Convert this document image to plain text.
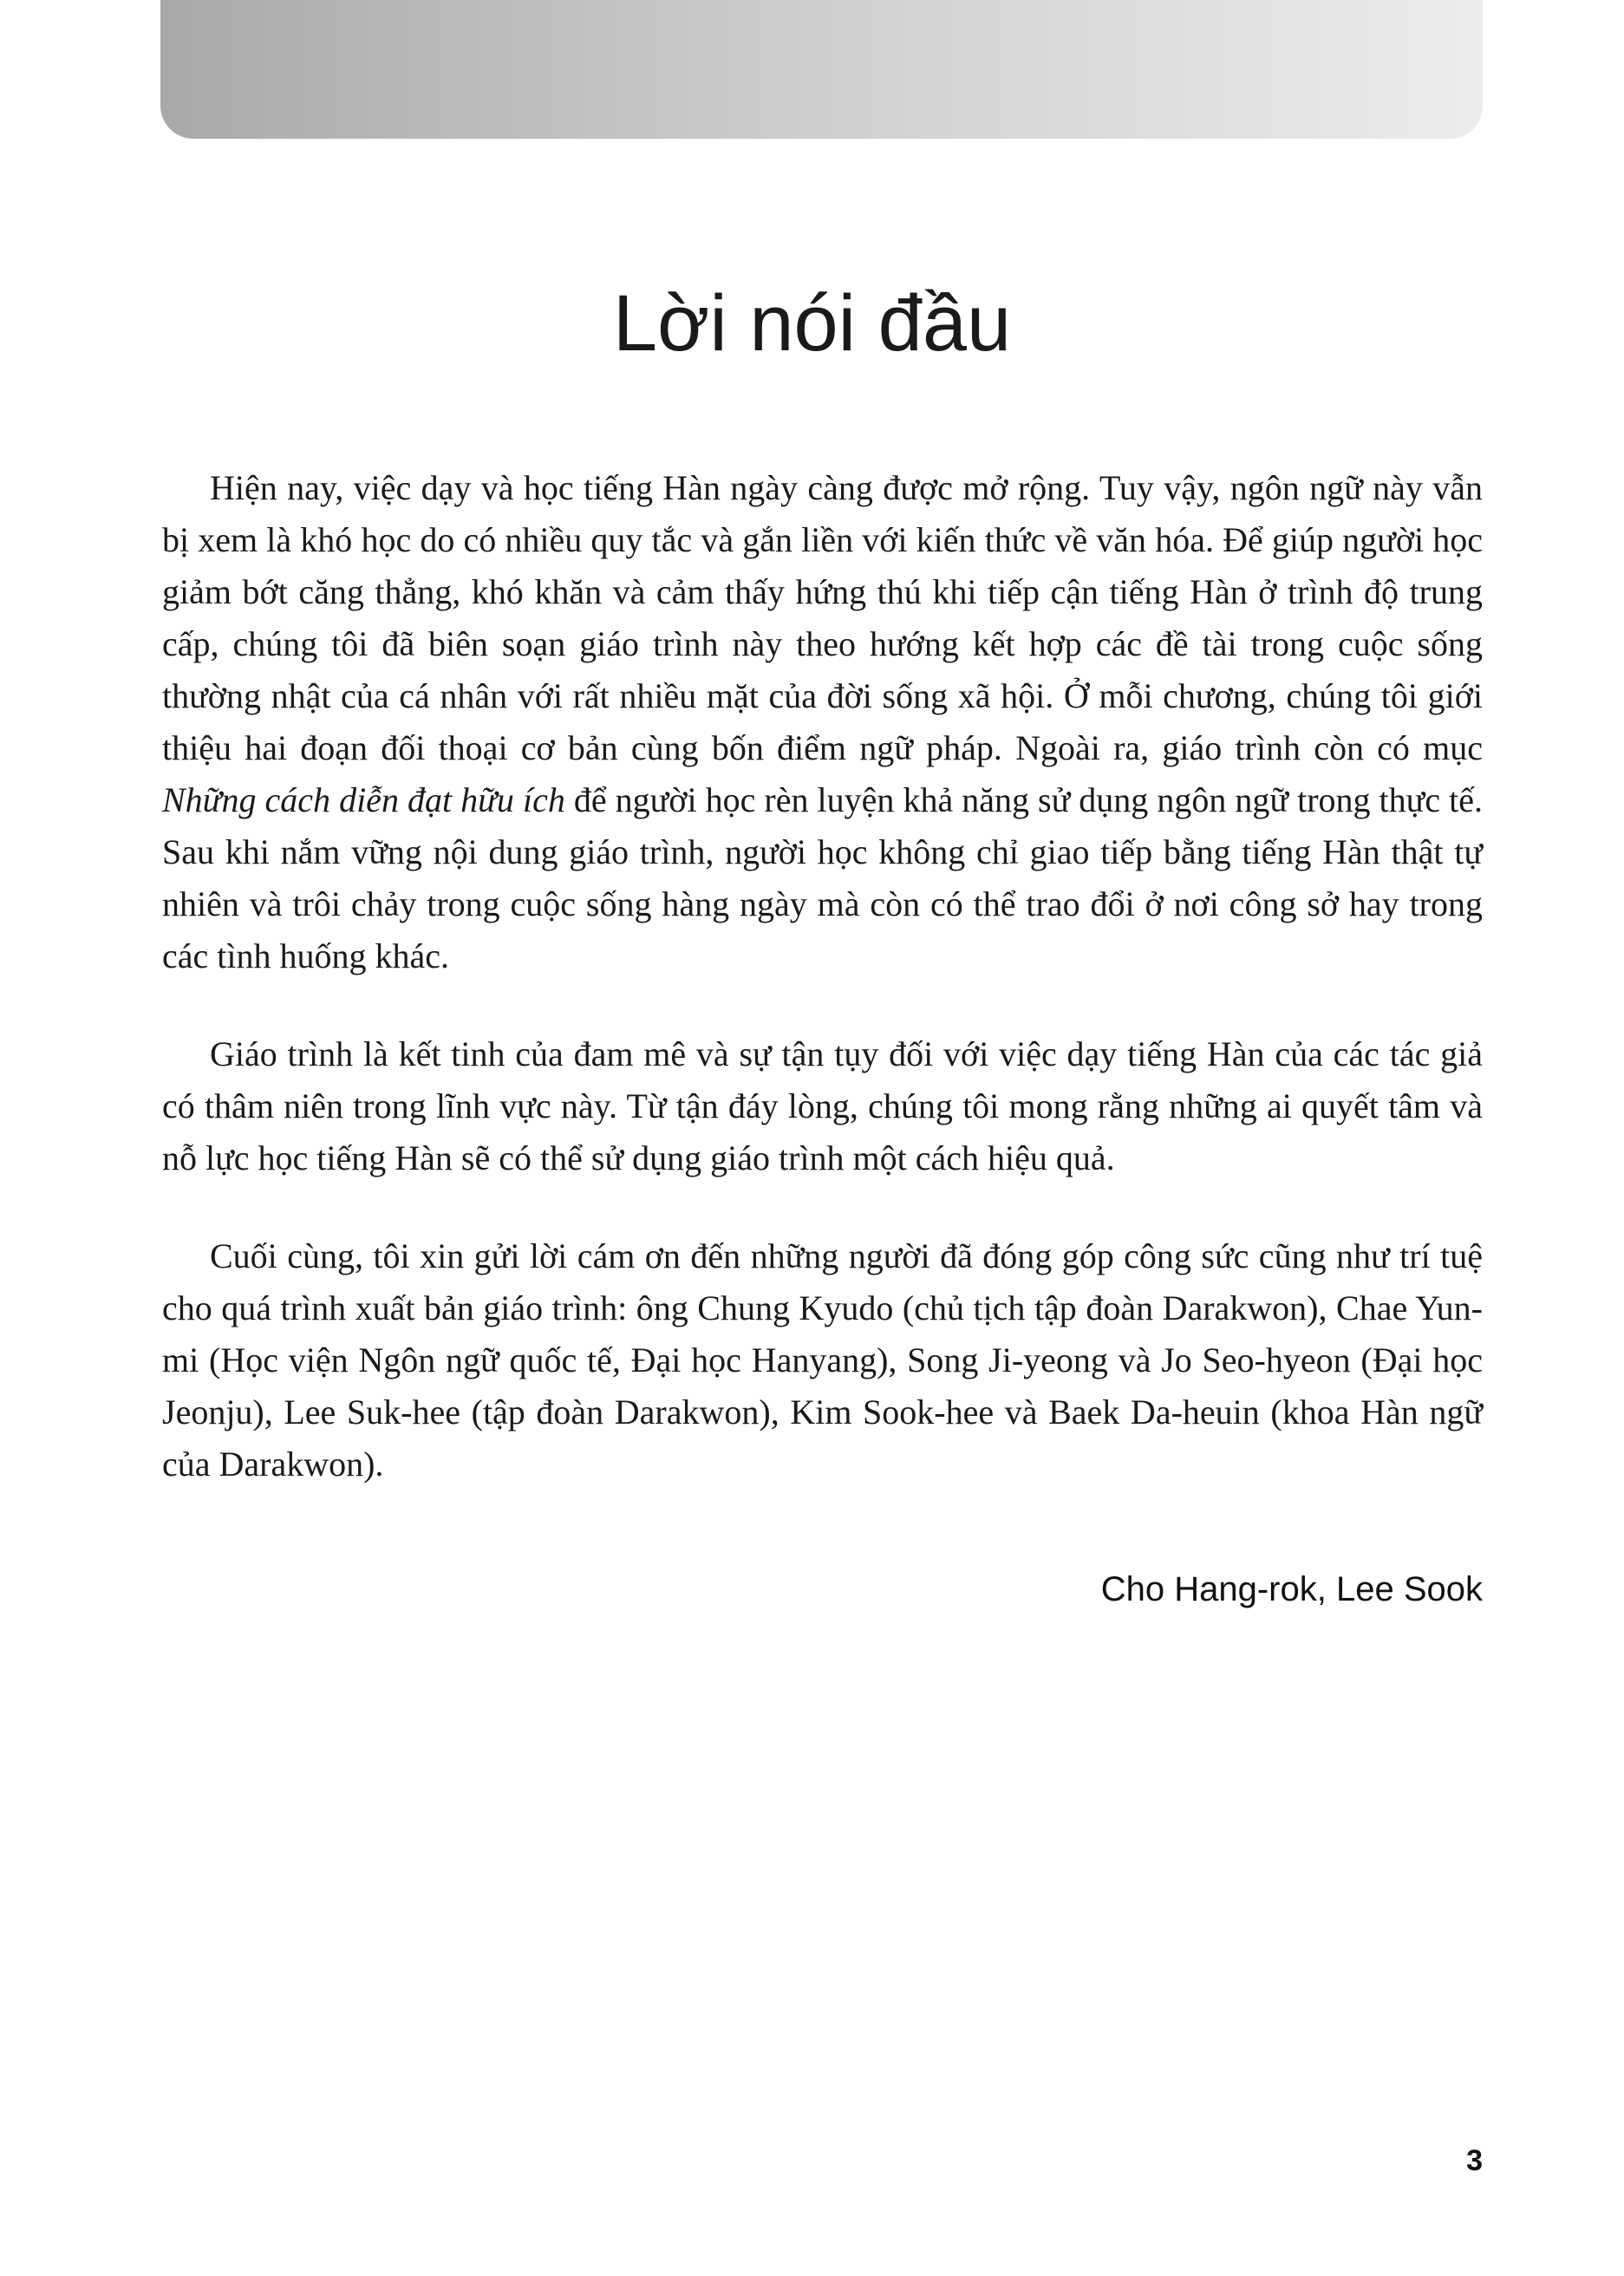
Lời nói đầu

Hiện nay, việc dạy và học tiếng Hàn ngày càng được mở rộng. Tuy vậy, ngôn ngữ này vẫn bị xem là khó học do có nhiều quy tắc và gắn liền với kiến thức về văn hóa. Để giúp người học giảm bớt căng thẳng, khó khăn và cảm thấy hứng thú khi tiếp cận tiếng Hàn ở trình độ trung cấp, chúng tôi đã biên soạn giáo trình này theo hướng kết hợp các đề tài trong cuộc sống thường nhật của cá nhân với rất nhiều mặt của đời sống xã hội. Ở mỗi chương, chúng tôi giới thiệu hai đoạn đối thoại cơ bản cùng bốn điểm ngữ pháp. Ngoài ra, giáo trình còn có mục Những cách diễn đạt hữu ích để người học rèn luyện khả năng sử dụng ngôn ngữ trong thực tế. Sau khi nắm vững nội dung giáo trình, người học không chỉ giao tiếp bằng tiếng Hàn thật tự nhiên và trôi chảy trong cuộc sống hàng ngày mà còn có thể trao đổi ở nơi công sở hay trong các tình huống khác.

Giáo trình là kết tinh của đam mê và sự tận tụy đối với việc dạy tiếng Hàn của các tác giả có thâm niên trong lĩnh vực này. Từ tận đáy lòng, chúng tôi mong rằng những ai quyết tâm và nỗ lực học tiếng Hàn sẽ có thể sử dụng giáo trình một cách hiệu quả.

Cuối cùng, tôi xin gửi lời cám ơn đến những người đã đóng góp công sức cũng như trí tuệ cho quá trình xuất bản giáo trình: ông Chung Kyudo (chủ tịch tập đoàn Darakwon), Chae Yun-mi (Học viện Ngôn ngữ quốc tế, Đại học Hanyang), Song Ji-yeong và Jo Seo-hyeon (Đại học Jeonju), Lee Suk-hee (tập đoàn Darakwon), Kim Sook-hee và Baek Da-heuin (khoa Hàn ngữ của Darakwon).

Cho Hang-rok, Lee Sook

3
